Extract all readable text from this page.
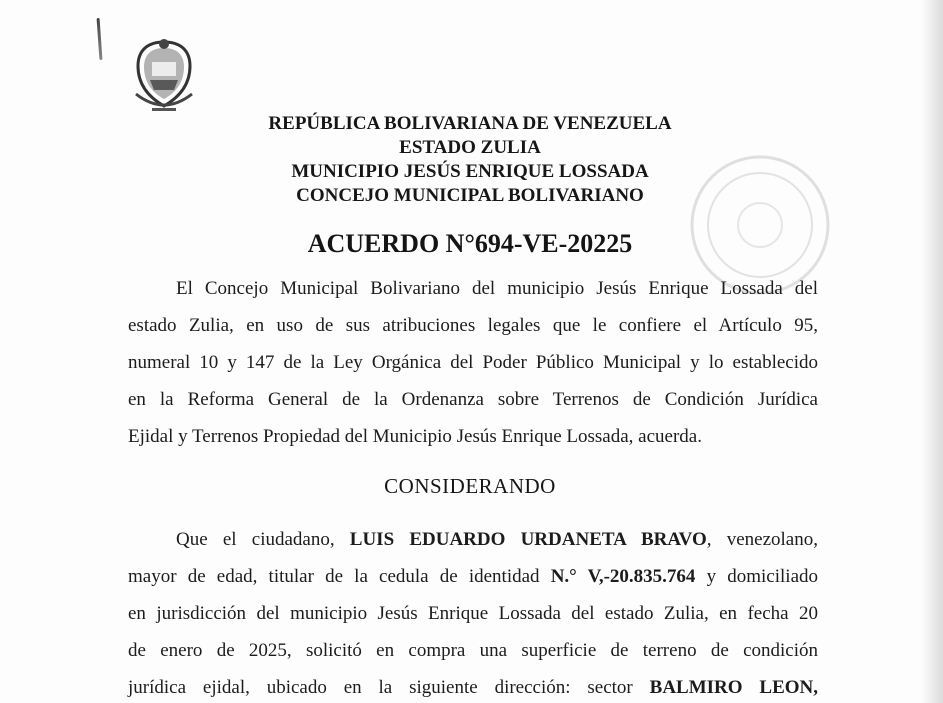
REPÚBLICA BOLIVARIANA DE VENEZUELA
ESTADO ZULIA
MUNICIPIO JESÚS ENRIQUE LOSSADA
CONCEJO MUNICIPAL BOLIVARIANO
ACUERDO N°694-VE-20225
El Concejo Municipal Bolivariano del municipio Jesús Enrique Lossada del
estado Zulia, en uso de sus atribuciones legales que le confiere el Artículo 95,
numeral 10 y 147 de la Ley Orgánica del Poder Público Municipal y lo establecido
en la Reforma General de la Ordenanza sobre Terrenos de Condición Jurídica
Ejidal y Terrenos Propiedad del Municipio Jesús Enrique Lossada, acuerda.
CONSIDERANDO
Que el ciudadano, LUIS EDUARDO URDANETA BRAVO, venezolano,
mayor de edad, titular de la cedula de identidad N.° V,-20.835.764 y domiciliado
en jurisdicción del municipio Jesús Enrique Lossada del estado Zulia, en fecha 20
de enero de 2025, solicitó en compra una superficie de terreno de condición
jurídica ejidal, ubicado en la siguiente dirección: sector BALMIRO LEON,
